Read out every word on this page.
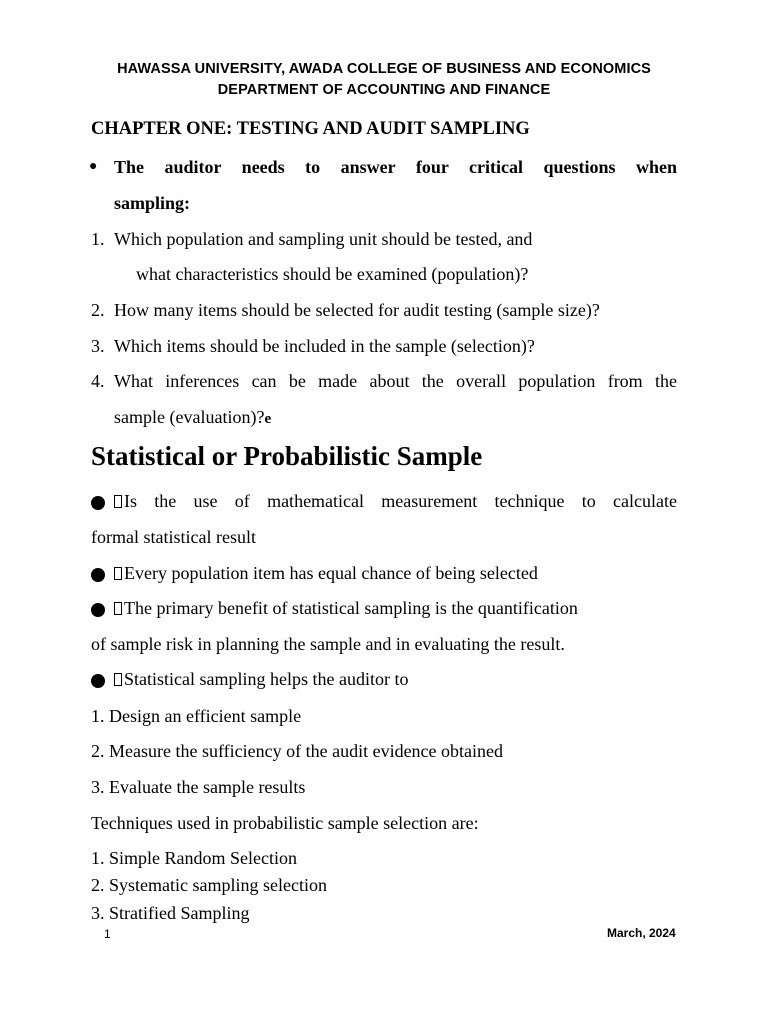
HAWASSA UNIVERSITY, AWADA COLLEGE OF BUSINESS AND ECONOMICS
DEPARTMENT OF ACCOUNTING AND FINANCE
CHAPTER ONE: TESTING AND AUDIT SAMPLING
● The auditor needs to answer four critical questions when
sampling:
1. Which population and sampling unit should be tested, and
what characteristics should be examined (population)?
2. How many items should be selected for audit testing (sample size)?
3. Which items should be included in the sample (selection)?
4. What inferences can be made about the overall population from the
sample (evaluation)?e
Statistical or Probabilistic Sample
Is the use of mathematical measurement technique to calculate
formal statistical result
Every population item has equal chance of being selected
The primary benefit of statistical sampling is the quantification
of sample risk in planning the sample and in evaluating the result.
Statistical sampling helps the auditor to
1. Design an efficient sample
2. Measure the sufficiency of the audit evidence obtained
3. Evaluate the sample results
Techniques used in probabilistic sample selection are:
1. Simple Random Selection
2. Systematic sampling selection
3. Stratified Sampling
1	March, 2024
